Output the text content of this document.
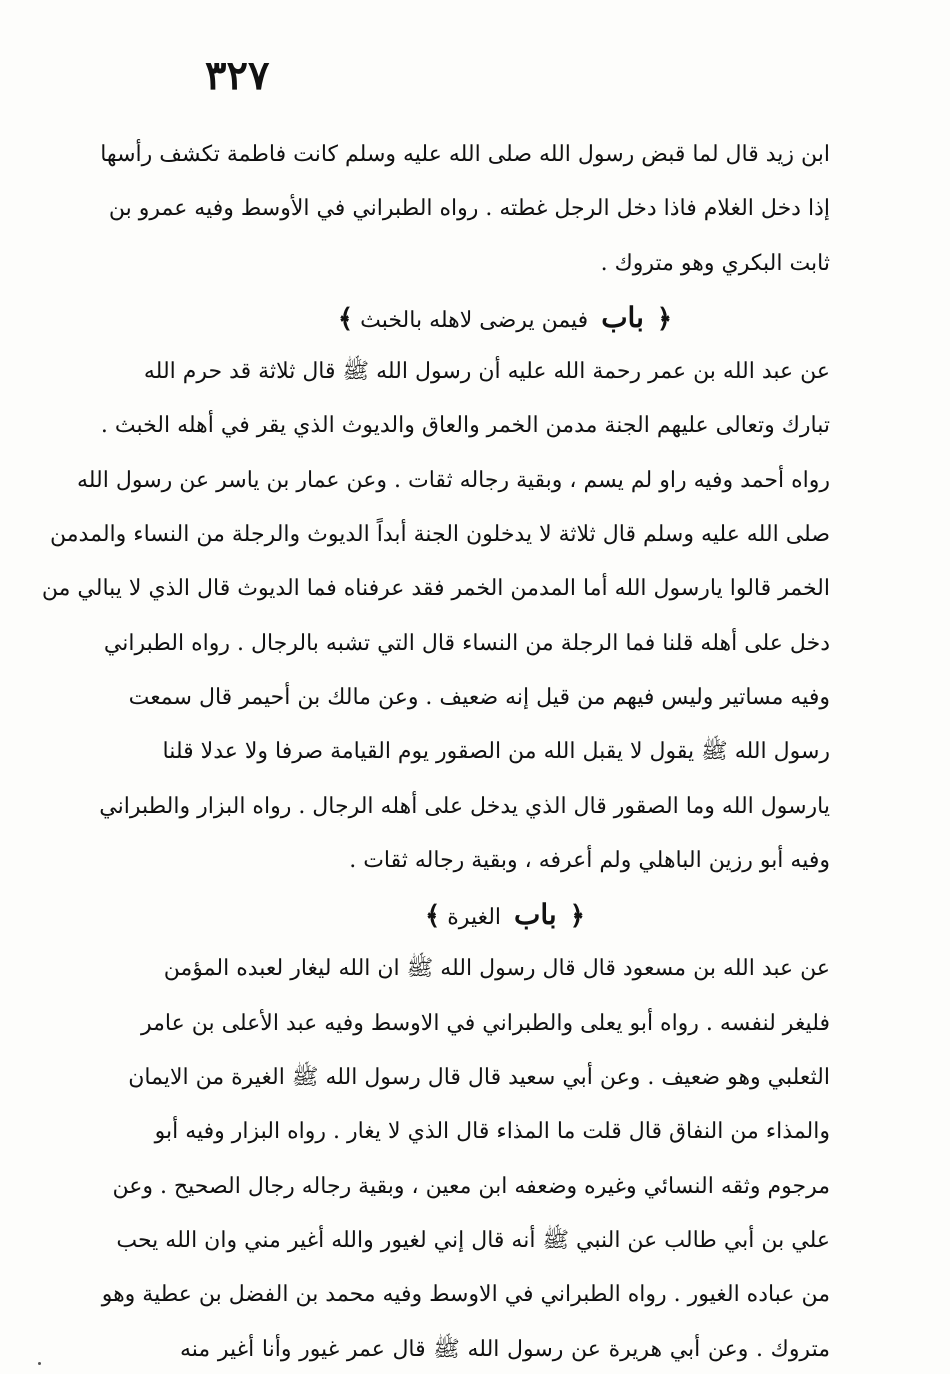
٣٢٧
ابن زيد قال لما قبض رسول الله صلى الله عليه وسلم كانت فاطمة تكشف رأسها
إذا دخل الغلام فاذا دخل الرجل غطته . رواه الطبراني في الأوسط وفيه عمرو بن
ثابت البكري وهو متروك .
﴿ باب فيمن يرضى لاهله بالخبث ﴾
عن عبد الله بن عمر رحمة الله عليه أن رسول الله ﷺ قال ثلاثة قد حرم الله
تبارك وتعالى عليهم الجنة مدمن الخمر والعاق والديوث الذي يقر في أهله الخبث .
رواه أحمد وفيه راو لم يسم ، وبقية رجاله ثقات . وعن عمار بن ياسر عن رسول الله
صلى الله عليه وسلم قال ثلاثة لا يدخلون الجنة أبداً الديوث والرجلة من النساء والمدمن
الخمر قالوا يارسول الله أما المدمن الخمر فقد عرفناه فما الديوث قال الذي لا يبالي من
دخل على أهله قلنا فما الرجلة من النساء قال التي تشبه بالرجال . رواه الطبراني
وفيه مساتير وليس فيهم من قيل إنه ضعيف . وعن مالك بن أحيمر قال سمعت
رسول الله ﷺ يقول لا يقبل الله من الصقور يوم القيامة صرفا ولا عدلا قلنا
يارسول الله وما الصقور قال الذي يدخل على أهله الرجال . رواه البزار والطبراني
وفيه أبو رزين الباهلي ولم أعرفه ، وبقية رجاله ثقات .
﴿ باب الغيرة ﴾
عن عبد الله بن مسعود قال قال رسول الله ﷺ ان الله ليغار لعبده المؤمن
فليغر لنفسه . رواه أبو يعلى والطبراني في الاوسط وفيه عبد الأعلى بن عامر
الثعلبي وهو ضعيف . وعن أبي سعيد قال قال رسول الله ﷺ الغيرة من الايمان
والمذاء من النفاق قال قلت ما المذاء قال الذي لا يغار . رواه البزار وفيه أبو
مرجوم وثقه النسائي وغيره وضعفه ابن معين ، وبقية رجاله رجال الصحيح . وعن
علي بن أبي طالب عن النبي ﷺ أنه قال إني لغيور والله أغير مني وان الله يحب
من عباده الغيور . رواه الطبراني في الاوسط وفيه محمد بن الفضل بن عطية وهو
متروك . وعن أبي هريرة عن رسول الله ﷺ قال عمر غيور وأنا أغير منه
